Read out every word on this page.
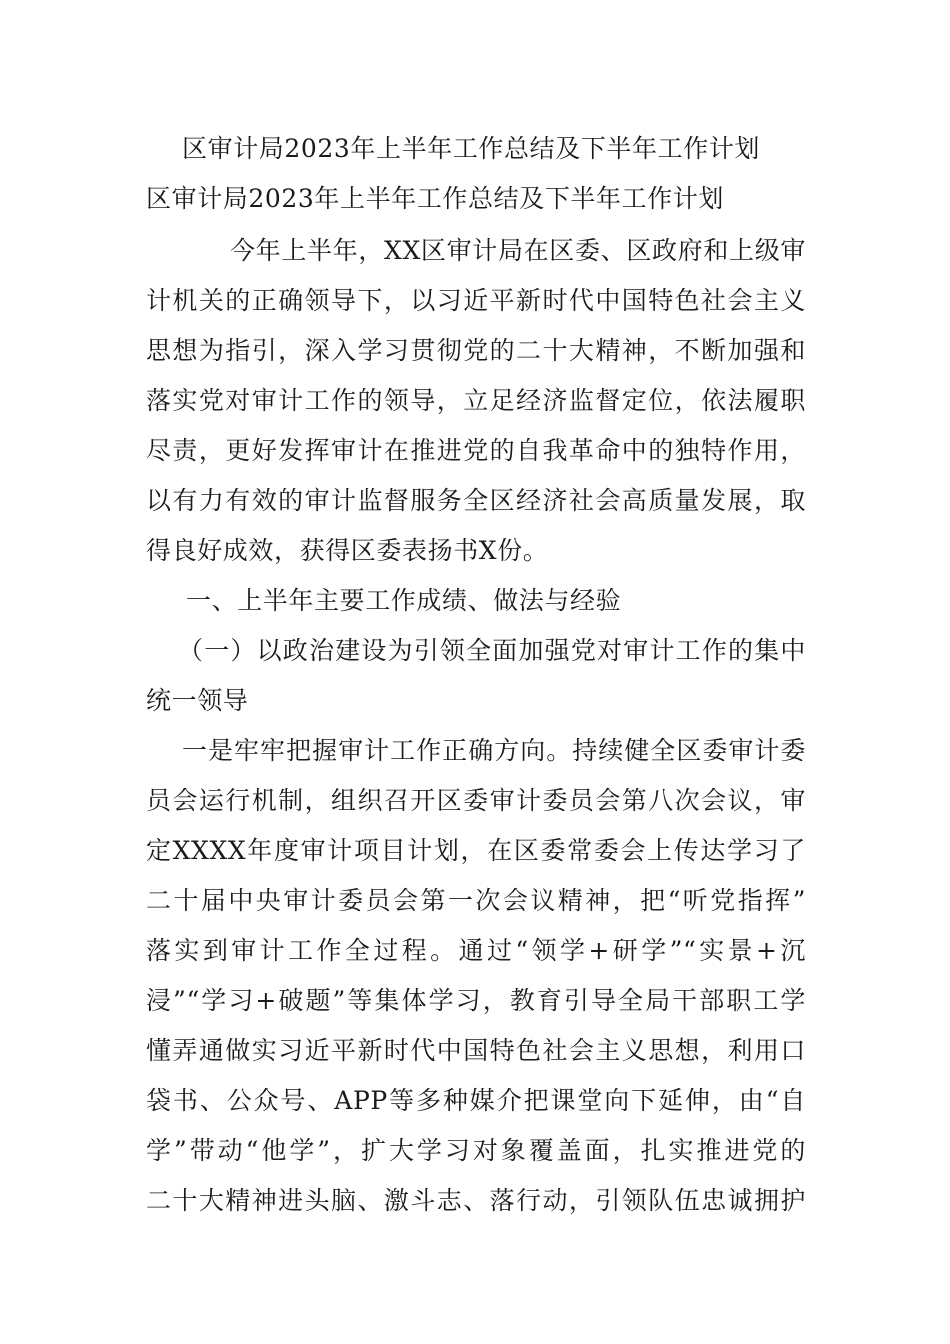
区审计局2023年上半年工作总结及下半年工作计划
区审计局2023年上半年工作总结及下半年工作计划
今年上半年，XX区审计局在区委、区政府和上级审
计机关的正确领导下，以习近平新时代中国特色社会主义
思想为指引，深入学习贯彻党的二十大精神，不断加强和
落实党对审计工作的领导，立足经济监督定位，依法履职
尽责，更好发挥审计在推进党的自我革命中的独特作用，
以有力有效的审计监督服务全区经济社会高质量发展，取
得良好成效，获得区委表扬书X份。
一、上半年主要工作成绩、做法与经验
（一）以政治建设为引领全面加强党对审计工作的集中
统一领导
一是牢牢把握审计工作正确方向。持续健全区委审计委
员会运行机制，组织召开区委审计委员会第八次会议，审
定XXXX年度审计项目计划，在区委常委会上传达学习了
二十届中央审计委员会第一次会议精神，把“听党指挥”
落实到审计工作全过程。通过“领学+研学”“实景+沉
浸”“学习+破题”等集体学习，教育引导全局干部职工学
懂弄通做实习近平新时代中国特色社会主义思想，利用口
袋书、公众号、APP等多种媒介把课堂向下延伸，由“自
学”带动“他学”，扩大学习对象覆盖面，扎实推进党的
二十大精神进头脑、激斗志、落行动，引领队伍忠诚拥护
